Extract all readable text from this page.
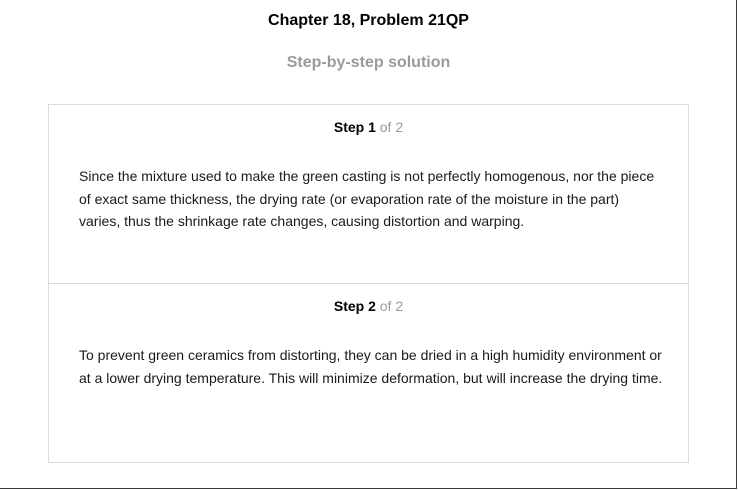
Chapter 18, Problem 21QP
Step-by-step solution
Step 1 of 2
Since the mixture used to make the green casting is not perfectly homogenous, nor the piece of exact same thickness, the drying rate (or evaporation rate of the moisture in the part) varies, thus the shrinkage rate changes, causing distortion and warping.
Step 2 of 2
To prevent green ceramics from distorting, they can be dried in a high humidity environment or at a lower drying temperature. This will minimize deformation, but will increase the drying time.
